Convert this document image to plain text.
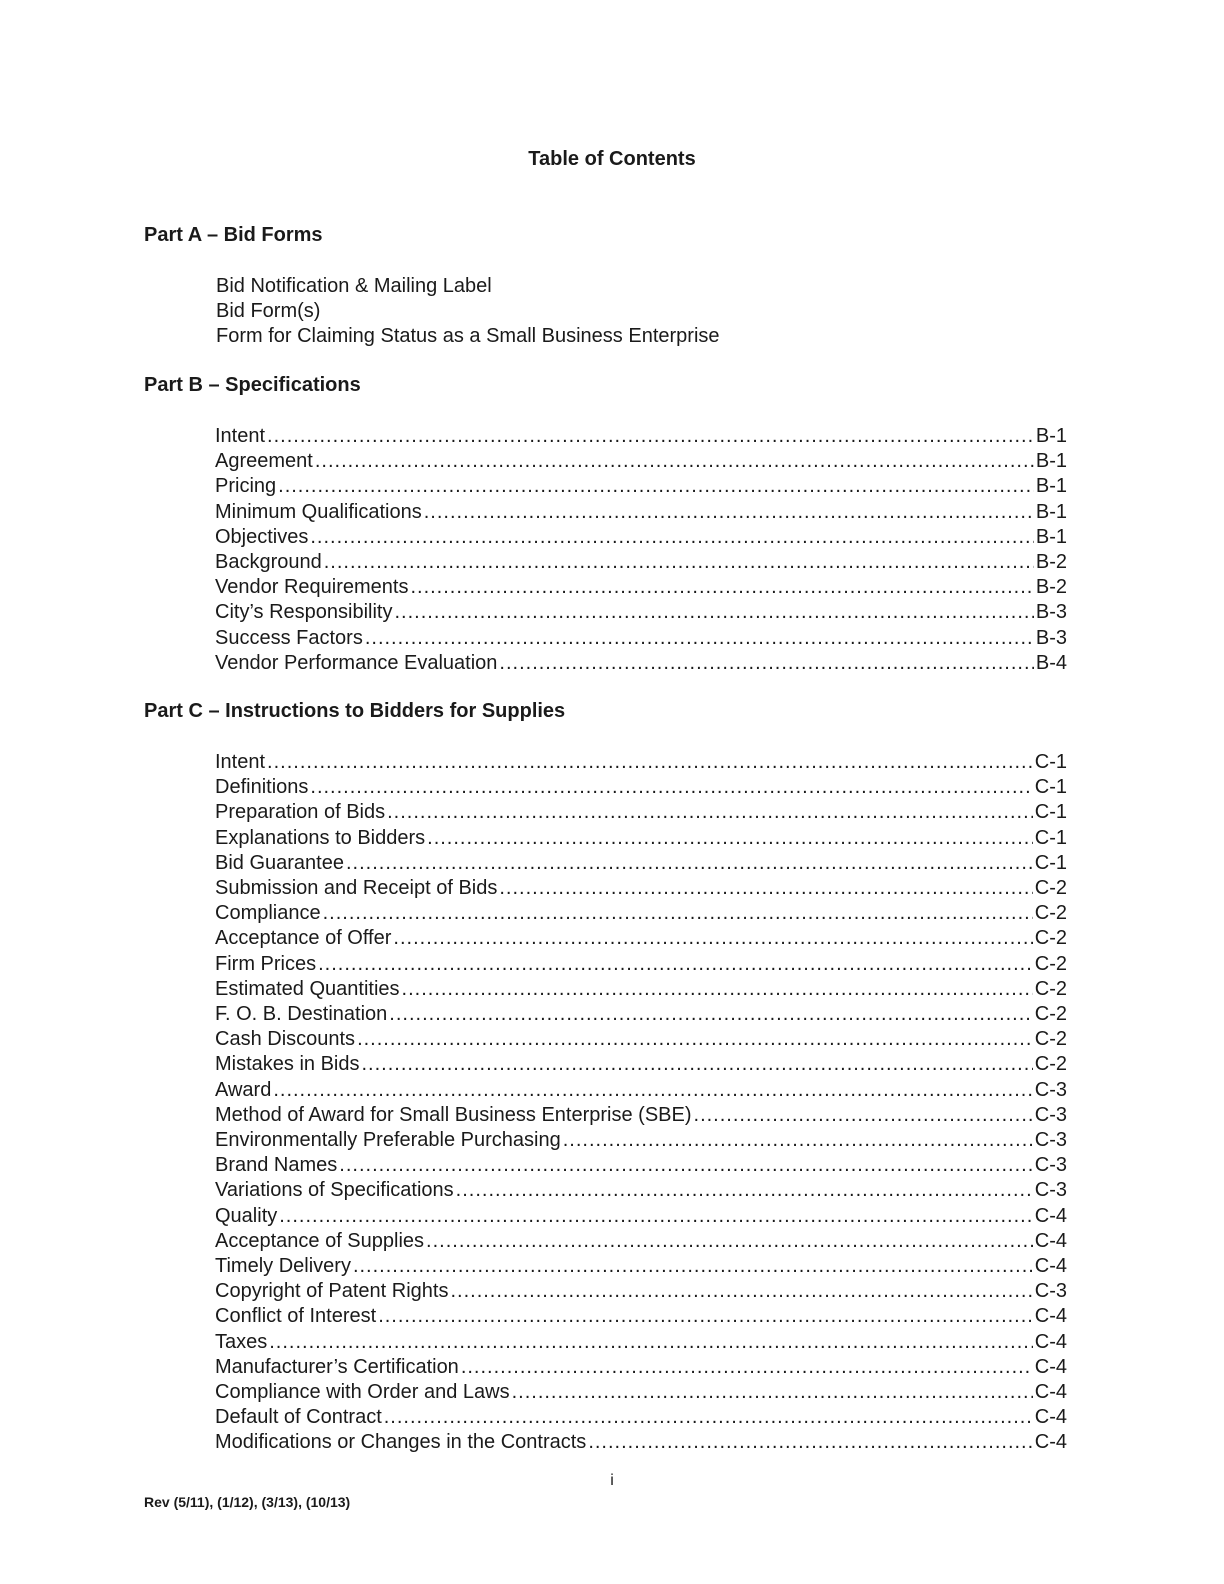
Table of Contents
Part A – Bid Forms
Bid Notification & Mailing Label
Bid Form(s)
Form for Claiming Status as a Small Business Enterprise
Part B – Specifications
Intent .....	B-1
Agreement .....	B-1
Pricing .....	B-1
Minimum Qualifications .....	B-1
Objectives .....	B-1
Background .....	B-2
Vendor Requirements .....	B-2
City’s Responsibility .....	B-3
Success Factors .....	B-3
Vendor Performance Evaluation .....	B-4
Part C – Instructions to Bidders for Supplies
Intent .....	C-1
Definitions .....	C-1
Preparation of Bids .....	C-1
Explanations to Bidders .....	C-1
Bid Guarantee .....	C-1
Submission and Receipt of Bids .....	C-2
Compliance .....	C-2
Acceptance of Offer .....	C-2
Firm Prices .....	C-2
Estimated Quantities .....	C-2
F. O. B. Destination .....	C-2
Cash Discounts .....	C-2
Mistakes in Bids .....	C-2
Award .....	C-3
Method of Award for Small Business Enterprise (SBE) .....	C-3
Environmentally Preferable Purchasing .....	C-3
Brand Names .....	C-3
Variations of Specifications .....	C-3
Quality .....	C-4
Acceptance of Supplies .....	C-4
Timely Delivery .....	C-4
Copyright of Patent Rights .....	C-3
Conflict of Interest .....	C-4
Taxes .....	C-4
Manufacturer’s Certification .....	C-4
Compliance with Order and Laws .....	C-4
Default of Contract .....	C-4
Modifications or Changes in the Contracts .....	C-4
i
Rev (5/11), (1/12), (3/13), (10/13)
